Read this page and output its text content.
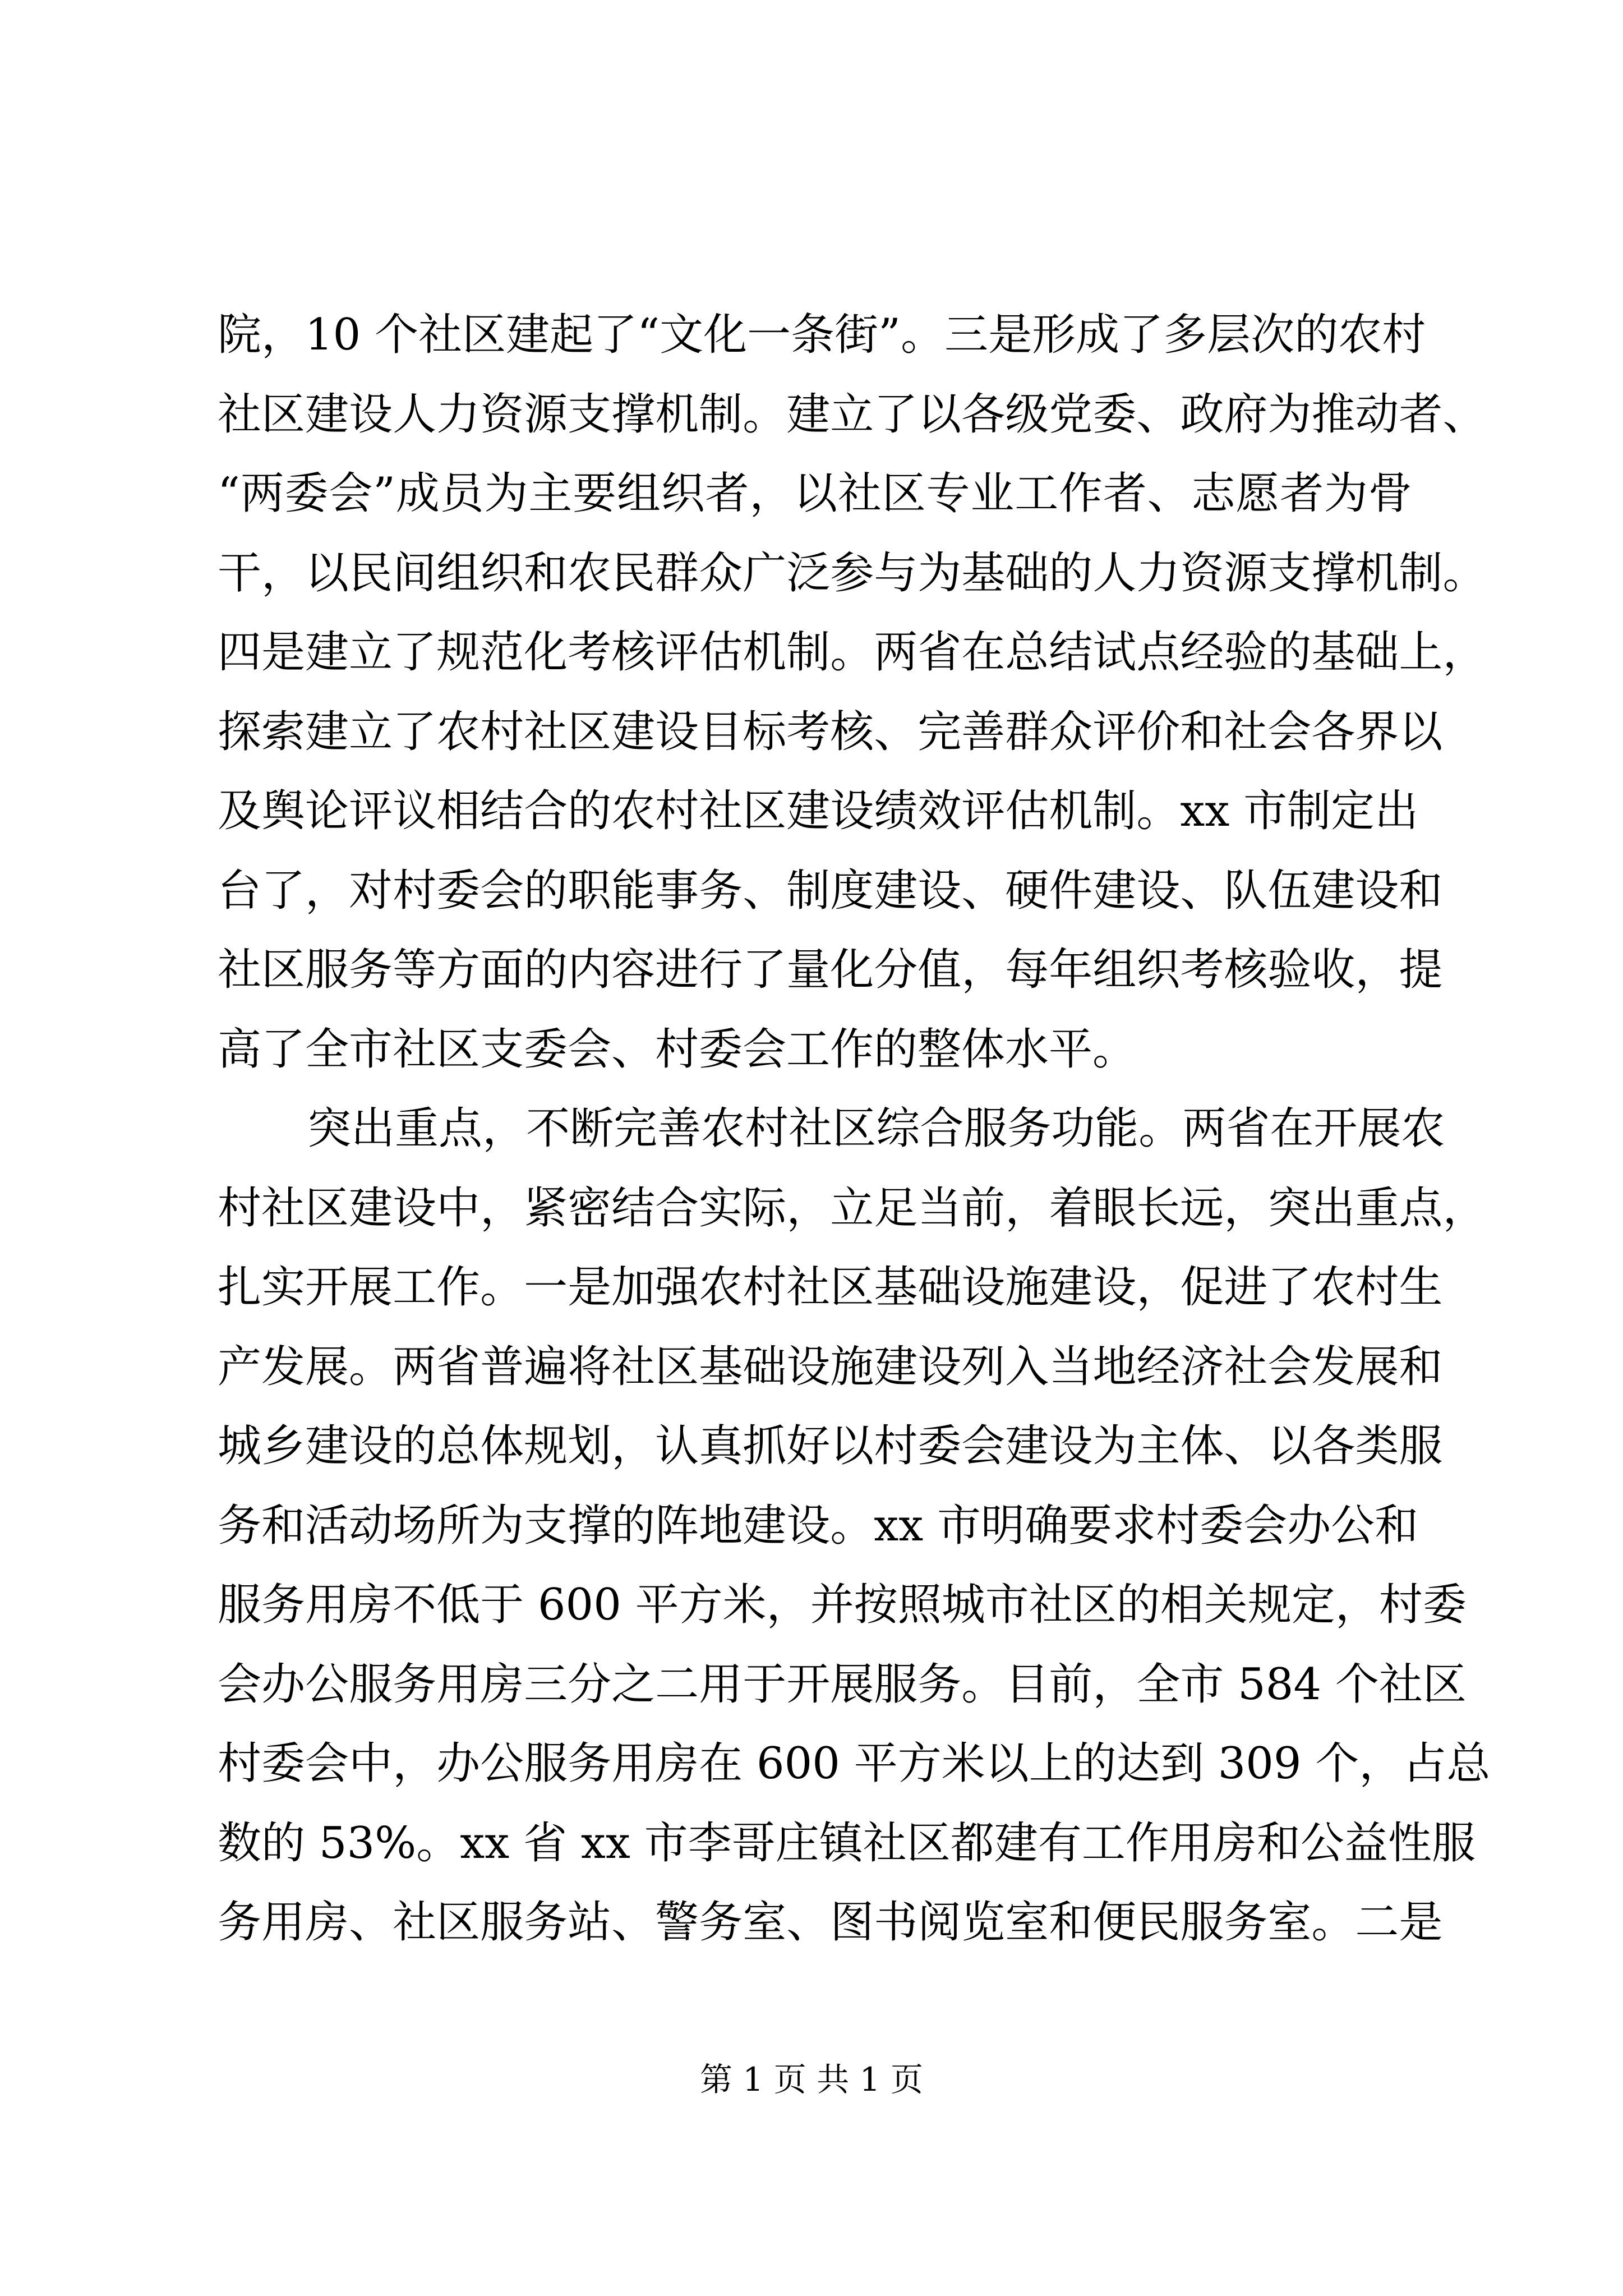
院 ， 1 0
个 社 区 建 起 了 “ 文 化 一 条 街 ” 。 三 是 形 成 了 多 层 次 的 农 村
社 区 建 设 人 力 资 源 支 撑 机 制 。 建 立 了 以 各 级 党 委 、 政 府 为 推 动 者 、
“ 两 委 会 ” 成 员 为 主 要 组 织 者 ， 以 社 区 专 业 工 作 者 、 志 愿 者 为 骨
干 ， 以 民 间 组 织 和 农 民 群 众 广 泛 参 与 为 基 础 的 人 力 资 源 支 撑 机 制 。
四 是 建 立 了 规 范 化 考 核 评 估 机 制 。 两 省 在 总 结 试 点 经 验 的 基 础 上 ，
探 索 建 立 了 农 村 社 区 建 设 目 标 考 核 、 完 善 群 众 评 价 和 社 会 各 界 以
及 舆 论 评 议 相 结 合 的 农 村 社 区 建 设 绩 效 评 估 机 制 。 x x
市 制 定 出
台 了 ， 对 村 委 会 的 职 能 事 务 、 制 度 建 设 、 硬 件 建 设 、 队 伍 建 设 和
社 区 服 务 等 方 面 的 内 容 进 行 了 量 化 分 值 ， 每 年 组 织 考 核 验 收 ， 提
高了全市社区支委会、村委会工作的整体水平。
突 出 重 点 ， 不 断 完 善 农 村 社 区 综 合 服 务 功 能 。 两 省 在 开 展 农
村 社 区 建 设 中 ， 紧 密 结 合 实 际 ， 立 足 当 前 ， 着 眼 长 远 ， 突 出 重 点 ，
扎 实 开 展 工 作 。 一 是 加 强 农 村 社 区 基 础 设 施 建 设 ， 促 进 了 农 村 生
产 发 展 。 两 省 普 遍 将 社 区 基 础 设 施 建 设 列 入 当 地 经 济 社 会 发 展 和
城 乡 建 设 的 总 体 规 划 ， 认 真 抓 好 以 村 委 会 建 设 为 主 体 、 以 各 类 服
务 和 活 动 场 所 为 支 撑 的 阵 地 建 设 。 x x
市 明 确 要 求 村 委 会 办 公 和
服 务 用 房 不 低 于
6 0 0
平 方 米 ， 并 按 照 城 市 社 区 的 相 关 规 定 ， 村 委
会 办 公 服 务 用 房 三 分 之 二 用 于 开 展 服 务 。 目 前 ， 全 市
5 8 4
个 社 区
村 委 会 中 ， 办 公 服 务 用 房 在
6 0 0
平 方 米 以 上 的 达 到
3 0 9
个 ， 占 总
数 的
5 3 % 。 x x
省
x x
市 李 哥 庄 镇 社 区 都 建 有 工 作 用 房 和 公 益 性 服
务 用 房 、 社 区 服 务 站 、 警 务 室 、 图 书 阅 览 室 和 便 民 服 务 室 。 二 是
第 1 页 共 1 页
